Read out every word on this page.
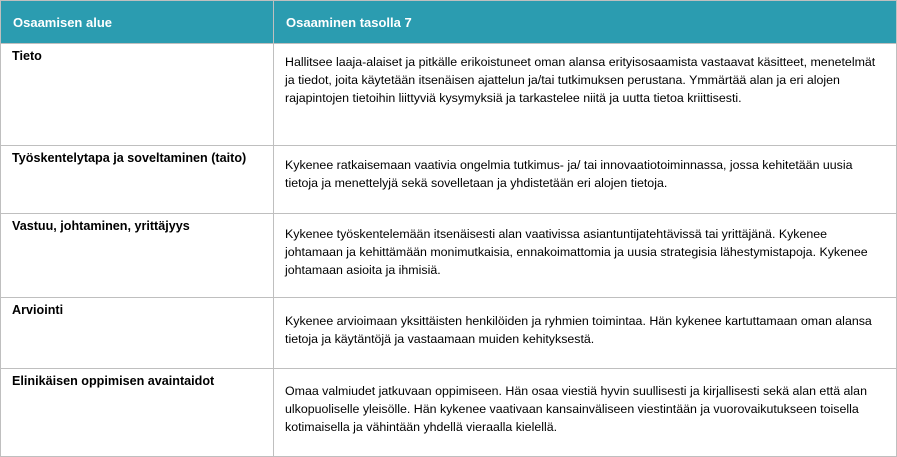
Osaamisen alue	Osaaminen tasolla 7
Tieto	Hallitsee laaja-alaiset ja pitkälle erikoistuneet oman alansa erityisosaamista vastaavat käsitteet, menetelmät ja tiedot, joita käytetään itsenäisen ajattelun ja/tai tutkimuksen perustana. Ymmärtää alan ja eri alojen rajapintojen tietoihin liittyviä kysymyksiä ja tarkastelee niitä ja uutta tietoa kriittisesti.

Työskentelytapa ja soveltaminen (taito)	Kykenee ratkaisemaan vaativia ongelmia tutkimus- ja/ tai innovaatiotoiminnassa, jossa kehitetään uusia tietoja ja menettelyjä sekä sovelletaan ja yhdistetään eri alojen tietoja.

Vastuu, johtaminen, yrittäjyys	Kykenee työskentelemään itsenäisesti alan vaativissa asiantuntijatehtävissä tai yrittäjänä. Kykenee johtamaan ja kehittämään monimutkaisia, ennakoimattomia ja uusia strategisia lähestymistapoja. Kykenee johtamaan asioita ja ihmisiä.

Arviointi	Kykenee arvioimaan yksittäisten henkilöiden ja ryhmien toimintaa. Hän kykenee kartuttamaan oman alansa tietoja ja käytäntöjä ja vastaamaan muiden kehityksestä.

Elinikäisen oppimisen avaintaidot	Omaa valmiudet jatkuvaan oppimiseen. Hän osaa viestiä hyvin suullisesti ja kirjallisesti sekä alan että alan ulkopuoliselle yleisölle. Hän kykenee vaativaan kansainväliseen viestintään ja vuorovaikutukseen toisella kotimaisella ja vähintään yhdellä vieraalla kielellä.
